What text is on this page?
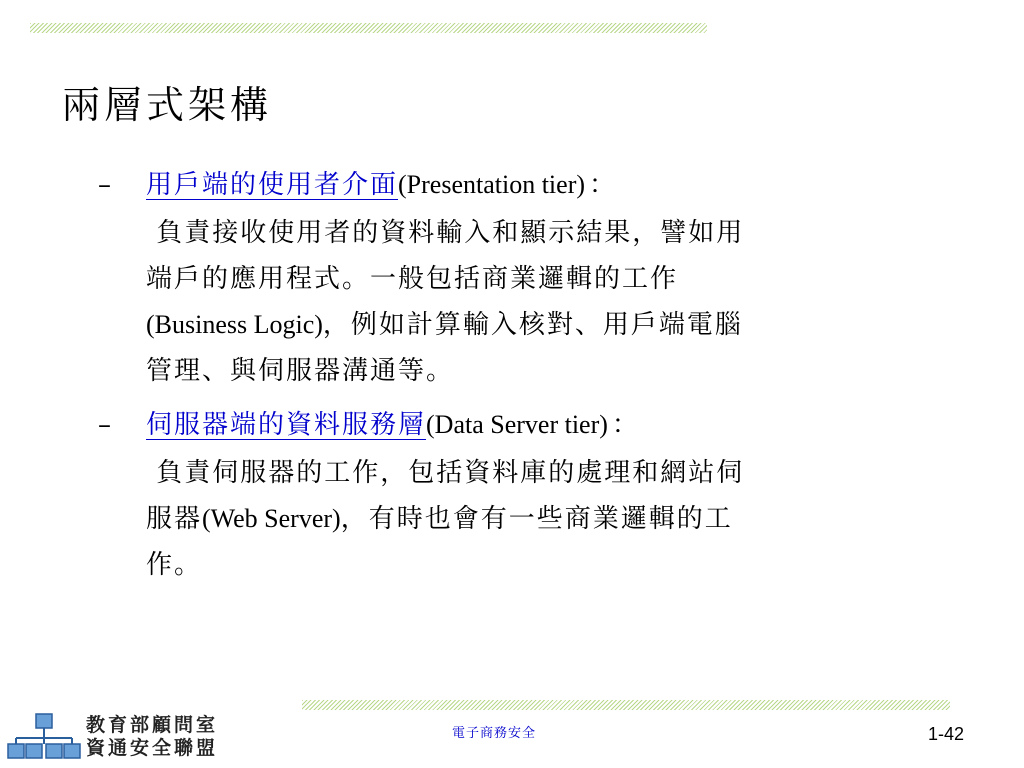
兩層式架構
–	用戶端的使用者介面 (Presentation tier) ：
負責接收使用者的資料輸入和顯示結果，譬如用
端戶的應用程式。一般包括商業邏輯的工作
(Business Logic)，例如計算輸入核對、用戶端電腦
管理、與伺服器溝通等。
–	伺服器端的資料服務層 (Data Server tier) ：
負責伺服器的工作，包括資料庫的處理和網站伺
服器(Web Server)，有時也會有一些商業邏輯的工
作。
教育部顧問室
資通安全聯盟
電子商務安全	1-42
